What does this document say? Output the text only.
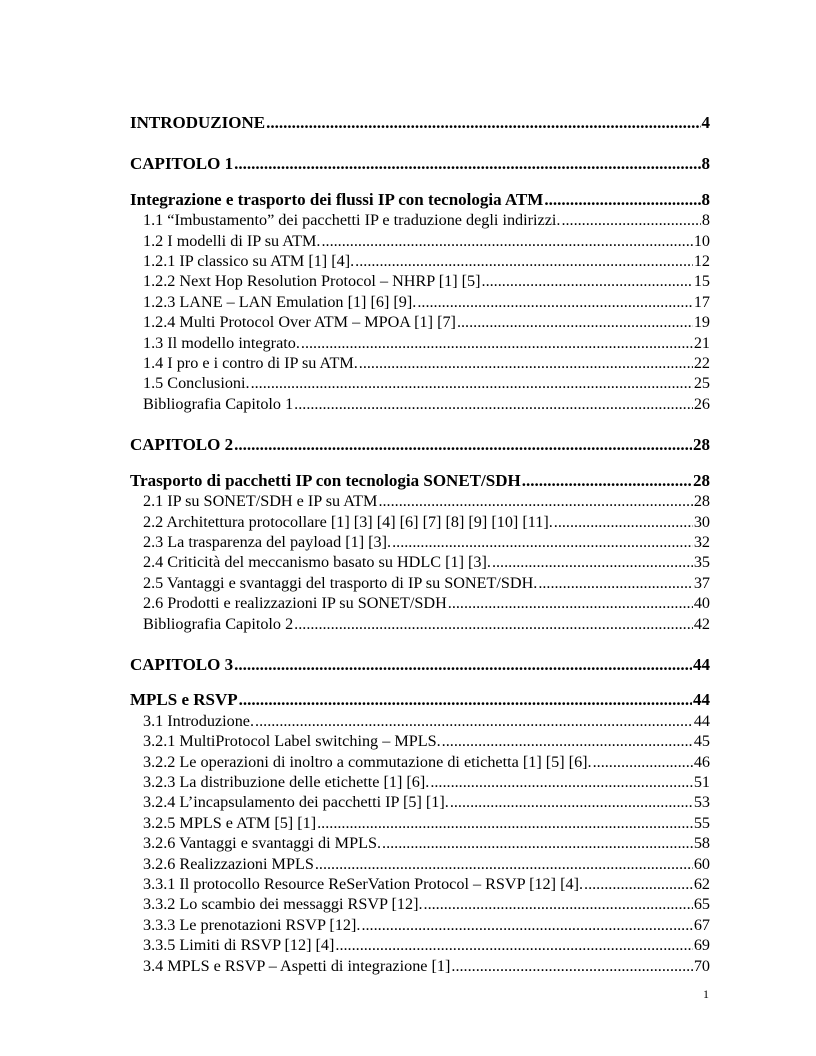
INTRODUZIONE .....	4
CAPITOLO 1 .....	8
Integrazione e trasporto dei flussi IP con tecnologia ATM .....	8
1.1 “Imbustamento” dei pacchetti IP e traduzione degli indirizzi. .....	8
1.2 I modelli di IP su ATM. .....	10
1.2.1 IP classico su ATM [1] [4]. .....	12
1.2.2 Next Hop Resolution Protocol – NHRP [1] [5] .....	15
1.2.3 LANE – LAN Emulation [1] [6] [9]. .....	17
1.2.4 Multi Protocol Over ATM – MPOA [1] [7] .....	19
1.3 Il modello integrato. .....	21
1.4 I pro e i contro di IP su ATM. .....	22
1.5 Conclusioni. .....	25
Bibliografia Capitolo 1 .....	26
CAPITOLO 2 .....	28
Trasporto di pacchetti IP con tecnologia SONET/SDH .....	28
2.1 IP su SONET/SDH e IP su ATM .....	28
2.2 Architettura protocollare [1] [3] [4] [6] [7] [8] [9] [10] [11]. .....	30
2.3 La trasparenza del payload [1] [3]. .....	32
2.4 Criticità del meccanismo basato su HDLC [1] [3]. .....	35
2.5 Vantaggi e svantaggi del trasporto di IP su SONET/SDH. .....	37
2.6 Prodotti e realizzazioni IP su SONET/SDH .....	40
Bibliografia Capitolo 2 .....	42
CAPITOLO 3 .....	44
MPLS e RSVP .....	44
3.1 Introduzione. .....	44
3.2.1 MultiProtocol Label switching – MPLS. .....	45
3.2.2 Le operazioni di inoltro a commutazione di etichetta [1] [5] [6]. .....	46
3.2.3 La distribuzione delle etichette [1] [6]. .....	51
3.2.4 L’incapsulamento dei pacchetti IP [5] [1]. .....	53
3.2.5 MPLS e ATM [5] [1] .....	55
3.2.6 Vantaggi e svantaggi di MPLS. .....	58
3.2.6 Realizzazioni MPLS .....	60
3.3.1 Il protocollo Resource ReSerVation Protocol – RSVP [12] [4]. .....	62
3.3.2 Lo scambio dei messaggi RSVP [12]. .....	65
3.3.3 Le prenotazioni RSVP [12]. .....	67
3.3.5 Limiti di RSVP [12] [4] .....	69
3.4 MPLS e RSVP – Aspetti di integrazione [1] .....	70
1
